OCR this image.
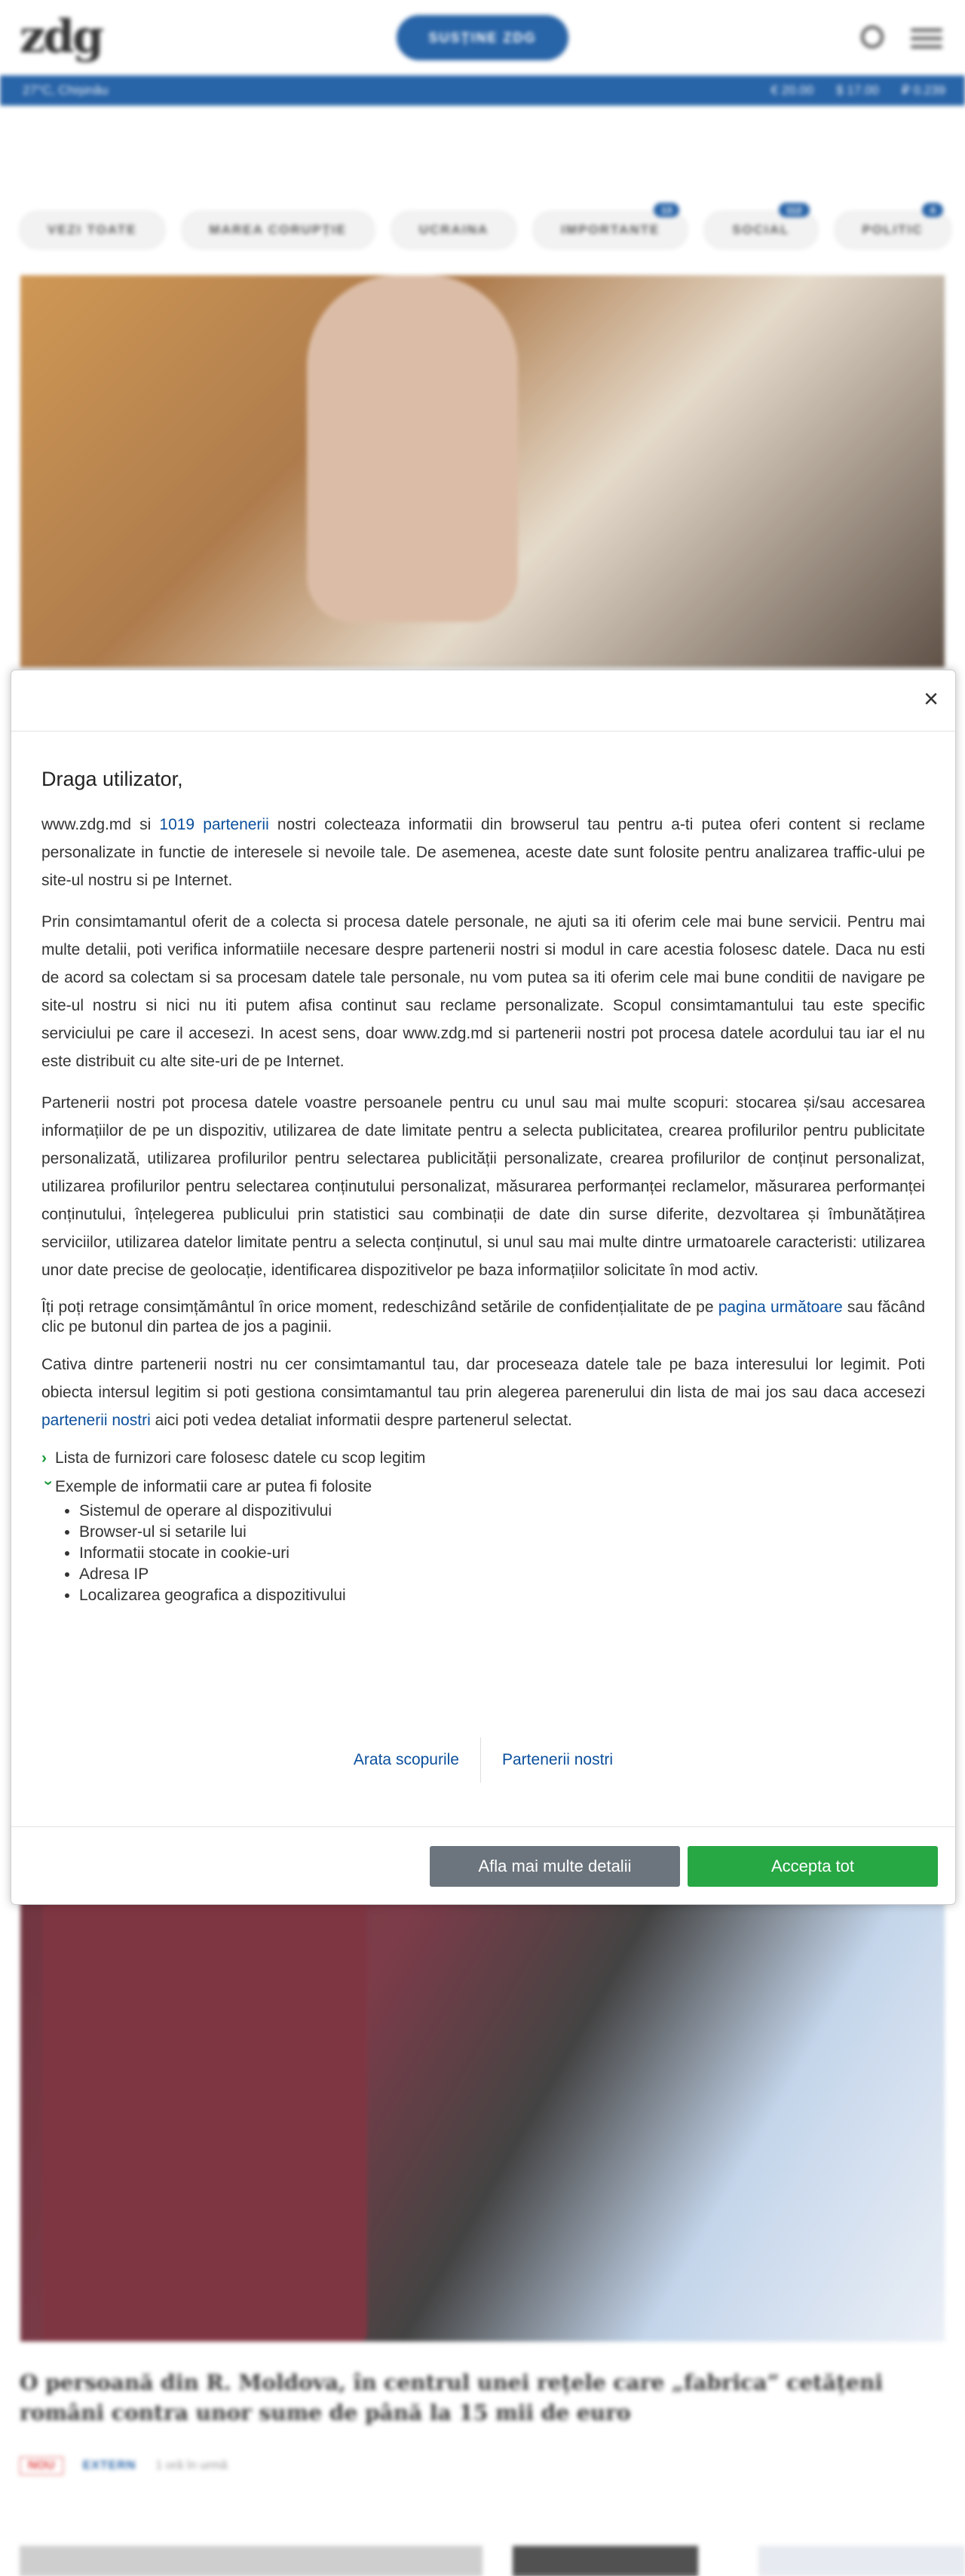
zdg	SUSȚINE ZDG
27°C, Chișinău	€ 20.00 $ 17.00 ₽ 0.239
VEZI TOATE	MAREA CORUPȚIE	UCRAINA	IMPORTANTE
13
SOCIAL
112
POLITIC
4
O persoană din R. Moldova, în centrul unei rețele care „fabrica” cetățeni români contra unor sume de până la 15 mii de euro
NOU	EXTERN 1 oră în urmă
×
Draga utilizator,

www.zdg.md si 1019 partenerii nostri colecteaza informatii din browserul tau pentru a-ti putea oferi content si reclame personalizate in functie de interesele si nevoile tale. De asemenea, aceste date sunt folosite pentru analizarea traffic-ului pe site-ul nostru si pe Internet.

Prin consimtamantul oferit de a colecta si procesa datele personale, ne ajuti sa iti oferim cele mai bune servicii. Pentru mai multe detalii, poti verifica informatiile necesare despre partenerii nostri si modul in care acestia folosesc datele. Daca nu esti de acord sa colectam si sa procesam datele tale personale, nu vom putea sa iti oferim cele mai bune conditii de navigare pe site-ul nostru si nici nu iti putem afisa continut sau reclame personalizate. Scopul consimtamantului tau este specific serviciului pe care il accesezi. In acest sens, doar www.zdg.md si partenerii nostri pot procesa datele acordului tau iar el nu este distribuit cu alte site-uri de pe Internet.

Partenerii nostri pot procesa datele voastre persoanele pentru cu unul sau mai multe scopuri: stocarea și/sau accesarea informațiilor de pe un dispozitiv, utilizarea de date limitate pentru a selecta publicitatea, crearea profilurilor pentru publicitate personalizată, utilizarea profilurilor pentru selectarea publicității personalizate, crearea profilurilor de conținut personalizat, utilizarea profilurilor pentru selectarea conținutului personalizat, măsurarea performanței reclamelor, măsurarea performanței conținutului, înțelegerea publicului prin statistici sau combinații de date din surse diferite, dezvoltarea și îmbunătățirea serviciilor, utilizarea datelor limitate pentru a selecta conținutul, si unul sau mai multe dintre urmatoarele caracteristi: utilizarea unor date precise de geolocație, identificarea dispozitivelor pe baza informațiilor solicitate în mod activ.

Îți poți retrage consimțământul în orice moment, redeschizând setările de confidențialitate de pe pagina următoare sau făcând clic pe butonul din partea de jos a paginii.

Cativa dintre partenerii nostri nu cer consimtamantul tau, dar proceseaza datele tale pe baza interesului lor legimit. Poti obiecta intersul legitim si poti gestiona consimtamantul tau prin alegerea parenerului din lista de mai jos sau daca accesezi partenerii nostri aici poti vedea detaliat informatii despre partenerul selectat.

› Lista de furnizori care folosesc datele cu scop legitim
›Exemple de informatii care ar putea fi folosite
• Sistemul de operare al dispozitivului
• Browser-ul si setarile lui
• Informatii stocate in cookie-uri
• Adresa IP
• Localizarea geografica a dispozitivului
Arata scopurile	Partenerii nostri
Afla mai multe detalii	Accepta tot
